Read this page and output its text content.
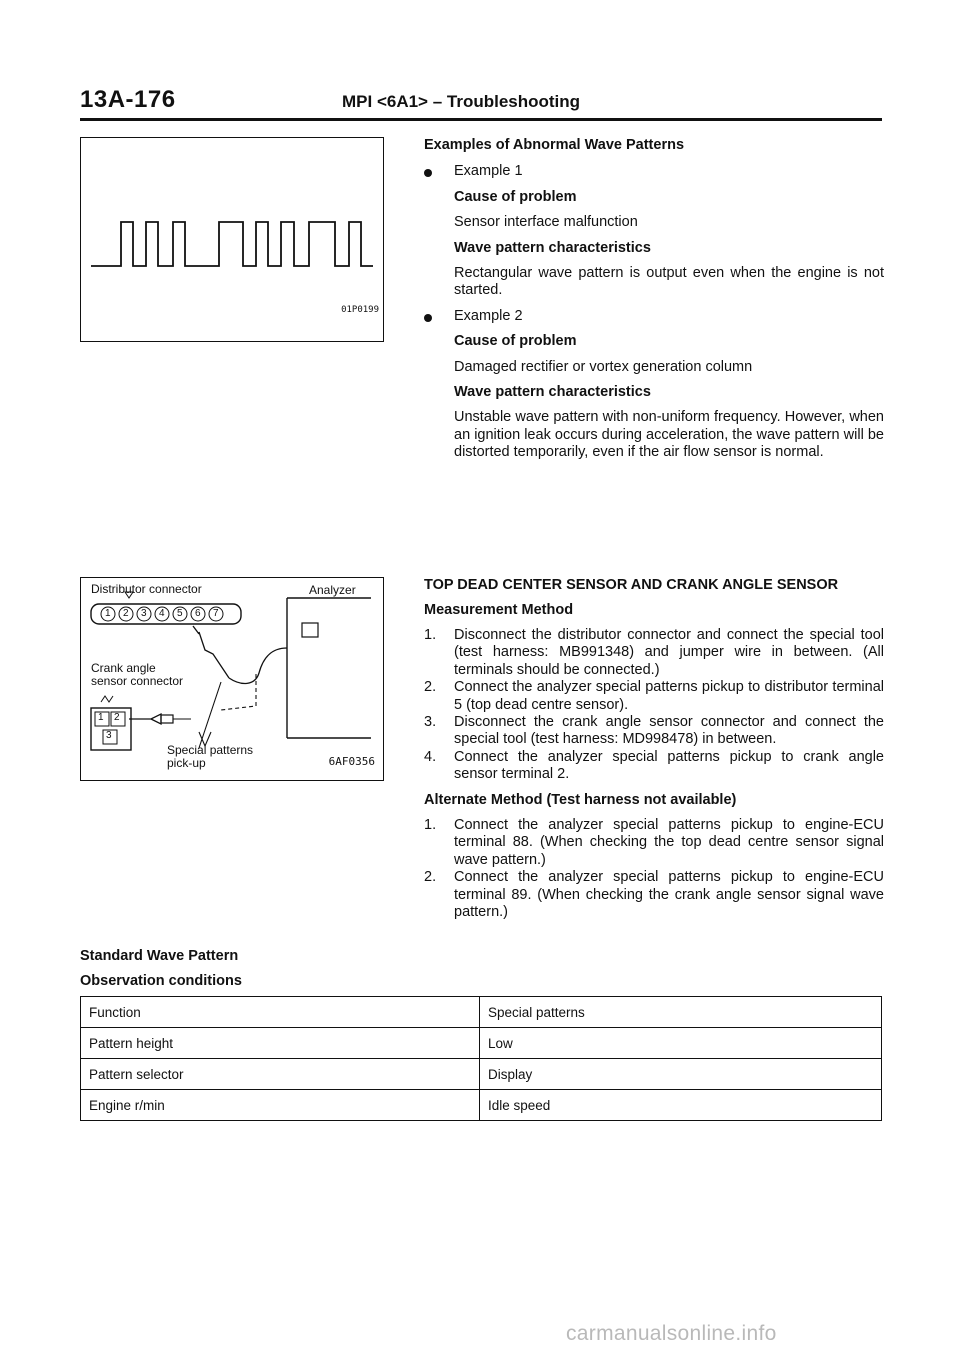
13A-176	MPI <6A1> – Troubleshooting
01P0199

Examples of Abnormal Wave Patterns

Example 1

Cause of problem

Sensor interface malfunction

Wave pattern characteristics

Rectangular wave pattern is output even when the engine is not started.

Example 2

Cause of problem

Damaged rectifier or vortex generation column

Wave pattern characteristics

Unstable wave pattern with non-uniform frequency. However, when an ignition leak occurs during acceleration, the wave pattern will be distorted temporarily, even if the air flow sensor is normal.

Distributor connector	Analyzer
1 2 3 4 5 6 7
Crank angle
sensor connector
1 2
3
Special patterns
pick-up	6AF0356

TOP DEAD CENTER SENSOR AND CRANK ANGLE SENSOR

Measurement Method

1. Disconnect the distributor connector and connect the special tool (test harness: MB991348) and jumper wire in between. (All terminals should be connected.)
2. Connect the analyzer special patterns pickup to distributor terminal 5 (top dead centre sensor).
3. Disconnect the crank angle sensor connector and connect the special tool (test harness: MD998478) in between.
4. Connect the analyzer special patterns pickup to crank angle sensor terminal 2.

Alternate Method (Test harness not available)

1. Connect the analyzer special patterns pickup to engine-ECU terminal 88. (When checking the top dead centre sensor signal wave pattern.)
2. Connect the analyzer special patterns pickup to engine-ECU terminal 89. (When checking the crank angle sensor signal wave pattern.)
Standard Wave Pattern
Observation conditions
Function	Special patterns
Pattern height	Low
Pattern selector	Display
Engine r/min	Idle speed
carmanualsonline.info
